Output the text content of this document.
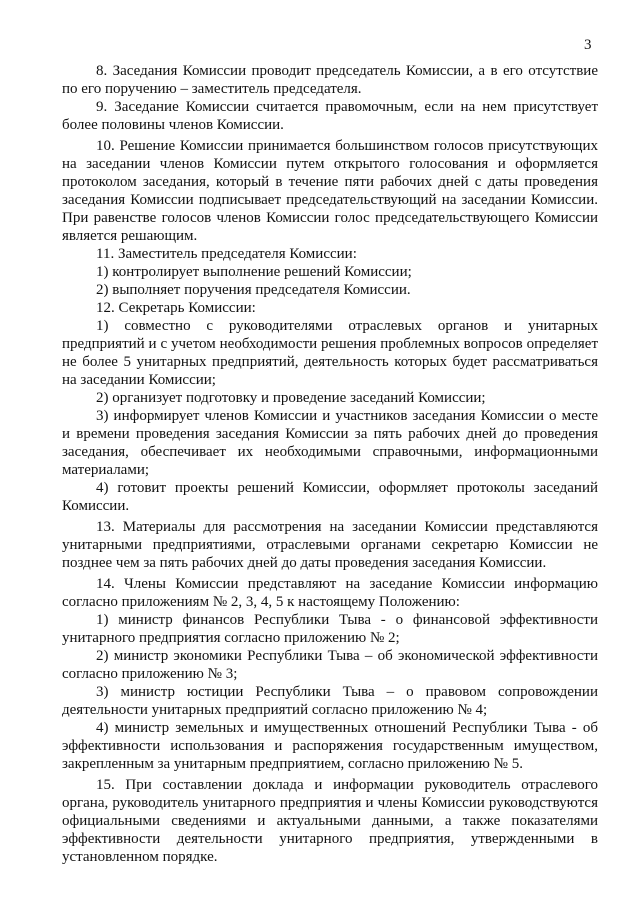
3

8. Заседания Комиссии проводит председатель Комиссии, а в его отсутствие по его поручению – заместитель председателя.

9. Заседание Комиссии считается правомочным, если на нем присутствует более половины членов Комиссии.

10. Решение Комиссии принимается большинством голосов присутствующих на заседании членов Комиссии путем открытого голосования и оформляется протоколом заседания, который в течение пяти рабочих дней с даты проведения заседания Комиссии подписывает председательствующий на заседании Комиссии. При равенстве голосов членов Комиссии голос председательствующего Комиссии является решающим.

11. Заместитель председателя Комиссии:

1) контролирует выполнение решений Комиссии;

2) выполняет поручения председателя Комиссии.

12. Секретарь Комиссии:

1) совместно с руководителями отраслевых органов и унитарных предприятий и с учетом необходимости решения проблемных вопросов определяет не более 5 унитарных предприятий, деятельность которых будет рассматриваться на заседании Комиссии;

2) организует подготовку и проведение заседаний Комиссии;

3) информирует членов Комиссии и участников заседания Комиссии о месте и времени проведения заседания Комиссии за пять рабочих дней до проведения заседания, обеспечивает их необходимыми справочными, информационными материалами;

4) готовит проекты решений Комиссии, оформляет протоколы заседаний Комиссии.

13. Материалы для рассмотрения на заседании Комиссии представляются унитарными предприятиями, отраслевыми органами секретарю Комиссии не позднее чем за пять рабочих дней до даты проведения заседания Комиссии.

14. Члены Комиссии представляют на заседание Комиссии информацию согласно приложениям № 2, 3, 4, 5 к настоящему Положению:

1) министр финансов Республики Тыва - о финансовой эффективности унитарного предприятия согласно приложению № 2;

2) министр экономики Республики Тыва – об экономической эффективности согласно приложению № 3;

3) министр юстиции Республики Тыва – о правовом сопровождении деятельности унитарных предприятий согласно приложению № 4;

4) министр земельных и имущественных отношений Республики Тыва - об эффективности использования и распоряжения государственным имуществом, закрепленным за унитарным предприятием, согласно приложению № 5.

15. При составлении доклада и информации руководитель отраслевого органа, руководитель унитарного предприятия и члены Комиссии руководствуются официальными сведениями и актуальными данными, а также показателями эффективности деятельности унитарного предприятия, утвержденными в установленном порядке.
